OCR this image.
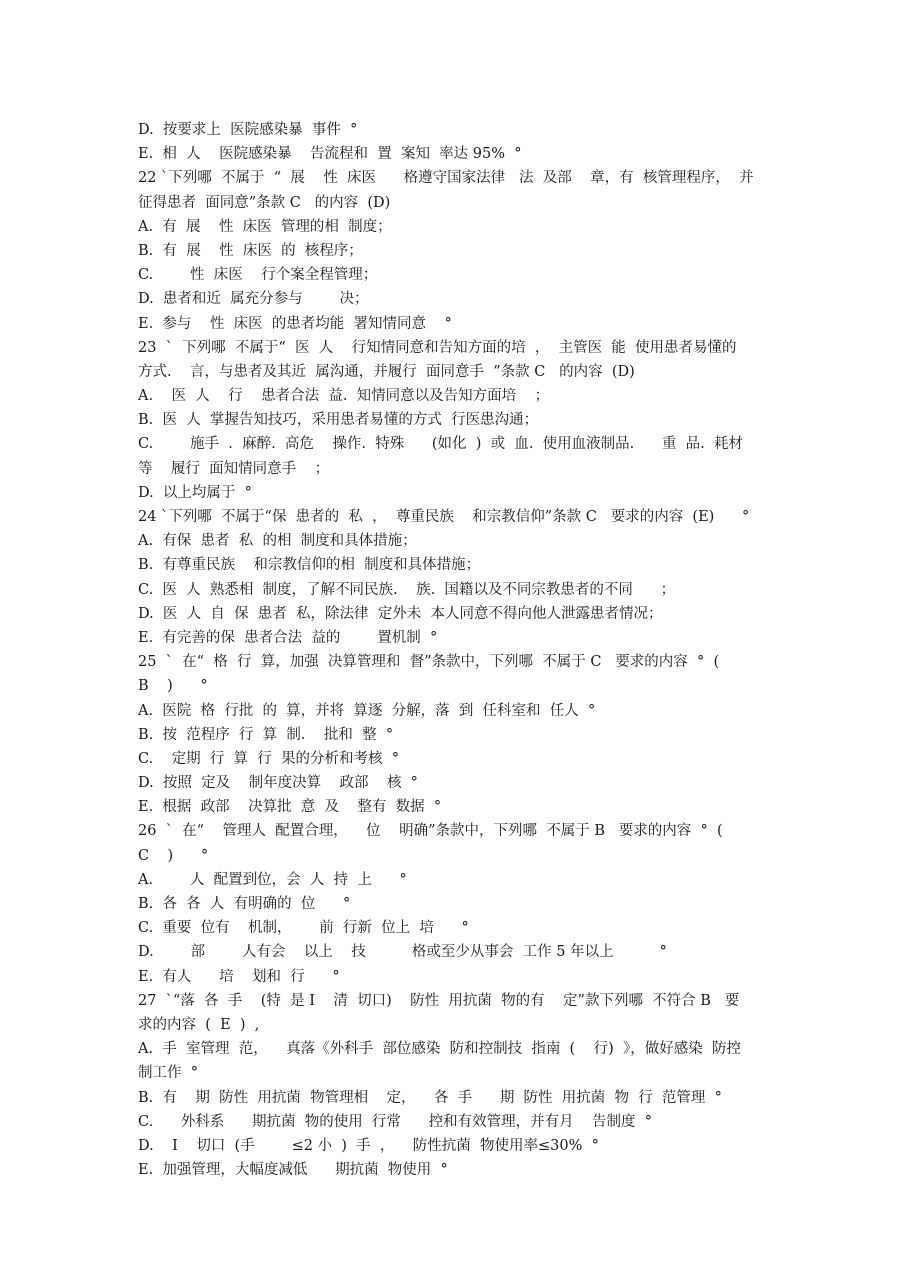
D.  按要求上  医院感染暴  事件  °
E.  相  人    医院感染暴    告流程和  置  案知  率达 95%  °
22 `下列哪  不属于  “  展    性  床医      格遵守国家法律   法  及部    章，有  核管理程序，  并
征得患者  面同意”条款 C   的内容  (D)
A.  有  展    性  床医  管理的相  制度；
B.  有  展    性  床医  的  核程序；
C.        性  床医    行个案全程管理；
D.  患者和近  属充分参与        决；
E.  参与    性  床医  的患者均能  署知情同意    °
23  `  下列哪  不属于“  医  人    行知情同意和告知方面的培  ，  主管医  能  使用患者易懂的
方式.    言，与患者及其近  属沟通，并履行  面同意手  ”条款 C   的内容  (D)
A.    医  人    行    患者合法  益.  知情同意以及告知方面培    ；
B.  医  人  掌握告知技巧，采用患者易懂的方式  行医患沟通；
C.        施手  .  麻醉.  高危    操作.  特殊      (如化  )  或  血.  使用血液制品.      重  品.  耗材
等    履行  面知情同意手    ；
D.  以上均属于  °
24 `下列哪  不属于“保  患者的  私  ，  尊重民族    和宗教信仰”条款 C   要求的内容  (E)      °
A.  有保  患者  私  的相  制度和具体措施；
B.  有尊重民族    和宗教信仰的相  制度和具体措施；
C.  医  人  熟悉相  制度，了解不同民族.    族.  国籍以及不同宗教患者的不同      ；
D.  医  人  自  保  患者  私，除法律  定外未  本人同意不得向他人泄露患者情况；
E.  有完善的保  患者合法  益的        置机制  °
25  `  在“  格  行  算，加强  决算管理和  督”条款中，下列哪  不属于 C   要求的内容  °  (
B    )      °
A.  医院  格  行批  的  算，并将  算逐  分解，落  到  任科室和  任人  °
B.  按  范程序  行  算  制.    批和  整  °
C.    定期  行  算  行  果的分析和考核  °
D.  按照  定及    制年度决算    政部    核  °
E.  根据  政部    决算批  意  及    整有  数据  °
26  `  在“    管理人  配置合理，    位    明确”条款中，下列哪  不属于 B   要求的内容  °  (
C    )      °
A.        人  配置到位，会  人  持  上      °
B.  各  各  人  有明确的  位      °
C.  重要  位有    机制，      前  行新  位上  培      °
D.        部        人有会    以上    技          格或至少从事会  工作 5 年以上          °
E.  有人      培    划和  行      °
27  `“落  各  手    (特  是 I    清  切口)    防性  用抗菌  物的有    定”款下列哪  不符合 B   要
求的内容  (  E  )  ,
A.  手  室管理  范，    真落《外科手  部位感染  防和控制技  指南  (    行)  》，做好感染  防控
制工作  °
B.  有    期  防性  用抗菌  物管理相    定，    各  手      期  防性  用抗菌  物  行  范管理  °
C.      外科系      期抗菌  物的使用  行常      控和有效管理，并有月    告制度  °
D.    I    切口  (手        ≤2 小  )  手  ，    防性抗菌  物使用率≤30%  °
E.  加强管理，大幅度减低      期抗菌  物使用  °
